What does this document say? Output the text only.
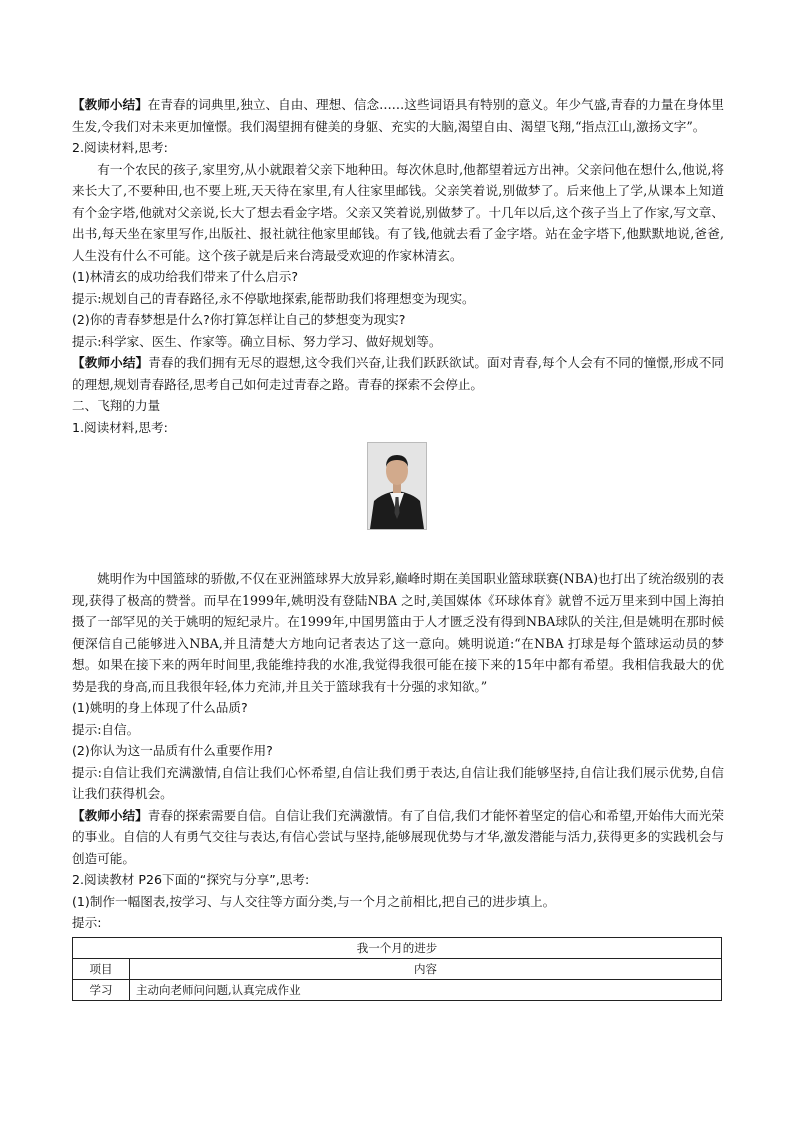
【教师小结】在青春的词典里,独立、自由、理想、信念……这些词语具有特别的意义。年少气盛,青春的力量在身体里生发,令我们对未来更加憧憬。我们渴望拥有健美的身躯、充实的大脑,渴望自由、渴望飞翔,“指点江山,激扬文字”。

2.阅读材料,思考:

有一个农民的孩子,家里穷,从小就跟着父亲下地种田。每次休息时,他都望着远方出神。父亲问他在想什么,他说,将来长大了,不要种田,也不要上班,天天待在家里,有人往家里邮钱。父亲笑着说,别做梦了。后来他上了学,从课本上知道有个金字塔,他就对父亲说,长大了想去看金字塔。父亲又笑着说,别做梦了。十几年以后,这个孩子当上了作家,写文章、出书,每天坐在家里写作,出版社、报社就往他家里邮钱。有了钱,他就去看了金字塔。站在金字塔下,他默默地说,爸爸,人生没有什么不可能。这个孩子就是后来台湾最受欢迎的作家林清玄。

(1)林清玄的成功给我们带来了什么启示?

提示:规划自己的青春路径,永不停歇地探索,能帮助我们将理想变为现实。

(2)你的青春梦想是什么?你打算怎样让自己的梦想变为现实?

提示:科学家、医生、作家等。确立目标、努力学习、做好规划等。

【教师小结】青春的我们拥有无尽的遐想,这令我们兴奋,让我们跃跃欲试。面对青春,每个人会有不同的憧憬,形成不同的理想,规划青春路径,思考自己如何走过青春之路。青春的探索不会停止。

二、飞翔的力量

1.阅读材料,思考:

姚明作为中国篮球的骄傲,不仅在亚洲篮球界大放异彩,巅峰时期在美国职业篮球联赛(NBA)也打出了统治级别的表现,获得了极高的赞誉。而早在1999年,姚明没有登陆NBA 之时,美国媒体《环球体育》就曾不远万里来到中国上海拍摄了一部罕见的关于姚明的短纪录片。在1999年,中国男篮由于人才匮乏没有得到NBA球队的关注,但是姚明在那时候便深信自己能够进入NBA,并且清楚大方地向记者表达了这一意向。姚明说道:“在NBA 打球是每个篮球运动员的梦想。如果在接下来的两年时间里,我能维持我的水准,我觉得我很可能在接下来的15年中都有希望。我相信我最大的优势是我的身高,而且我很年轻,体力充沛,并且关于篮球我有十分强的求知欲。”

(1)姚明的身上体现了什么品质?

提示:自信。

(2)你认为这一品质有什么重要作用?

提示:自信让我们充满激情,自信让我们心怀希望,自信让我们勇于表达,自信让我们能够坚持,自信让我们展示优势,自信让我们获得机会。

【教师小结】青春的探索需要自信。自信让我们充满激情。有了自信,我们才能怀着坚定的信心和希望,开始伟大而光荣的事业。自信的人有勇气交往与表达,有信心尝试与坚持,能够展现优势与才华,激发潜能与活力,获得更多的实践机会与创造可能。

2.阅读教材 P26下面的“探究与分享”,思考:

(1)制作一幅图表,按学习、与人交往等方面分类,与一个月之前相比,把自己的进步填上。

提示:

我一个月的进步	
项目	内容
学习	主动向老师问问题,认真完成作业
